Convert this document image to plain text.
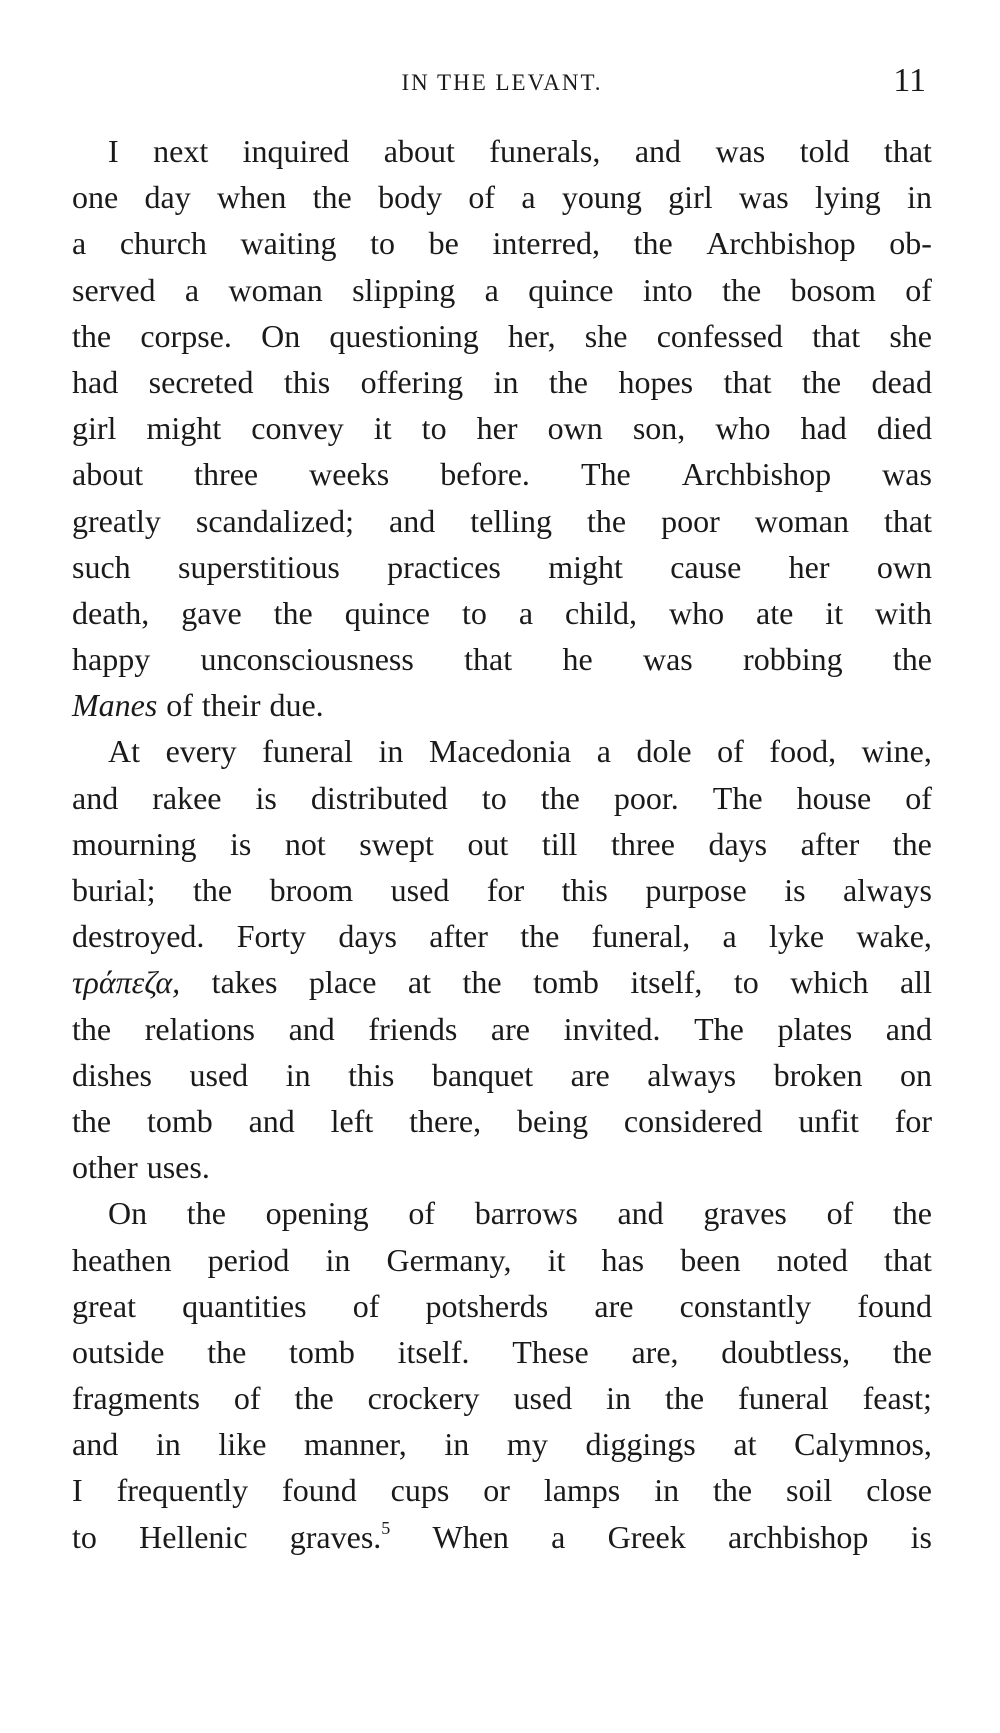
IN THE LEVANT.	11
I next inquired about funerals, and was told that
one day when the body of a young girl was lying in
a church waiting to be interred, the Archbishop ob-
served a woman slipping a quince into the bosom of
the corpse. On questioning her, she confessed that she
had secreted this offering in the hopes that the dead
girl might convey it to her own son, who had died
about three weeks before. The Archbishop was
greatly scandalized; and telling the poor woman that
such superstitious practices might cause her own
death, gave the quince to a child, who ate it with
happy unconsciousness that he was robbing the
Manes of their due.
At every funeral in Macedonia a dole of food, wine,
and rakee is distributed to the poor. The house of
mourning is not swept out till three days after the
burial; the broom used for this purpose is always
destroyed. Forty days after the funeral, a lyke wake,
τράπεζα, takes place at the tomb itself, to which all
the relations and friends are invited. The plates and
dishes used in this banquet are always broken on
the tomb and left there, being considered unfit for
other uses.
On the opening of barrows and graves of the
heathen period in Germany, it has been noted that
great quantities of potsherds are constantly found
outside the tomb itself. These are, doubtless, the
fragments of the crockery used in the funeral feast;
and in like manner, in my diggings at Calymnos,
I frequently found cups or lamps in the soil close
to Hellenic graves.$^5$ When a Greek archbishop is
